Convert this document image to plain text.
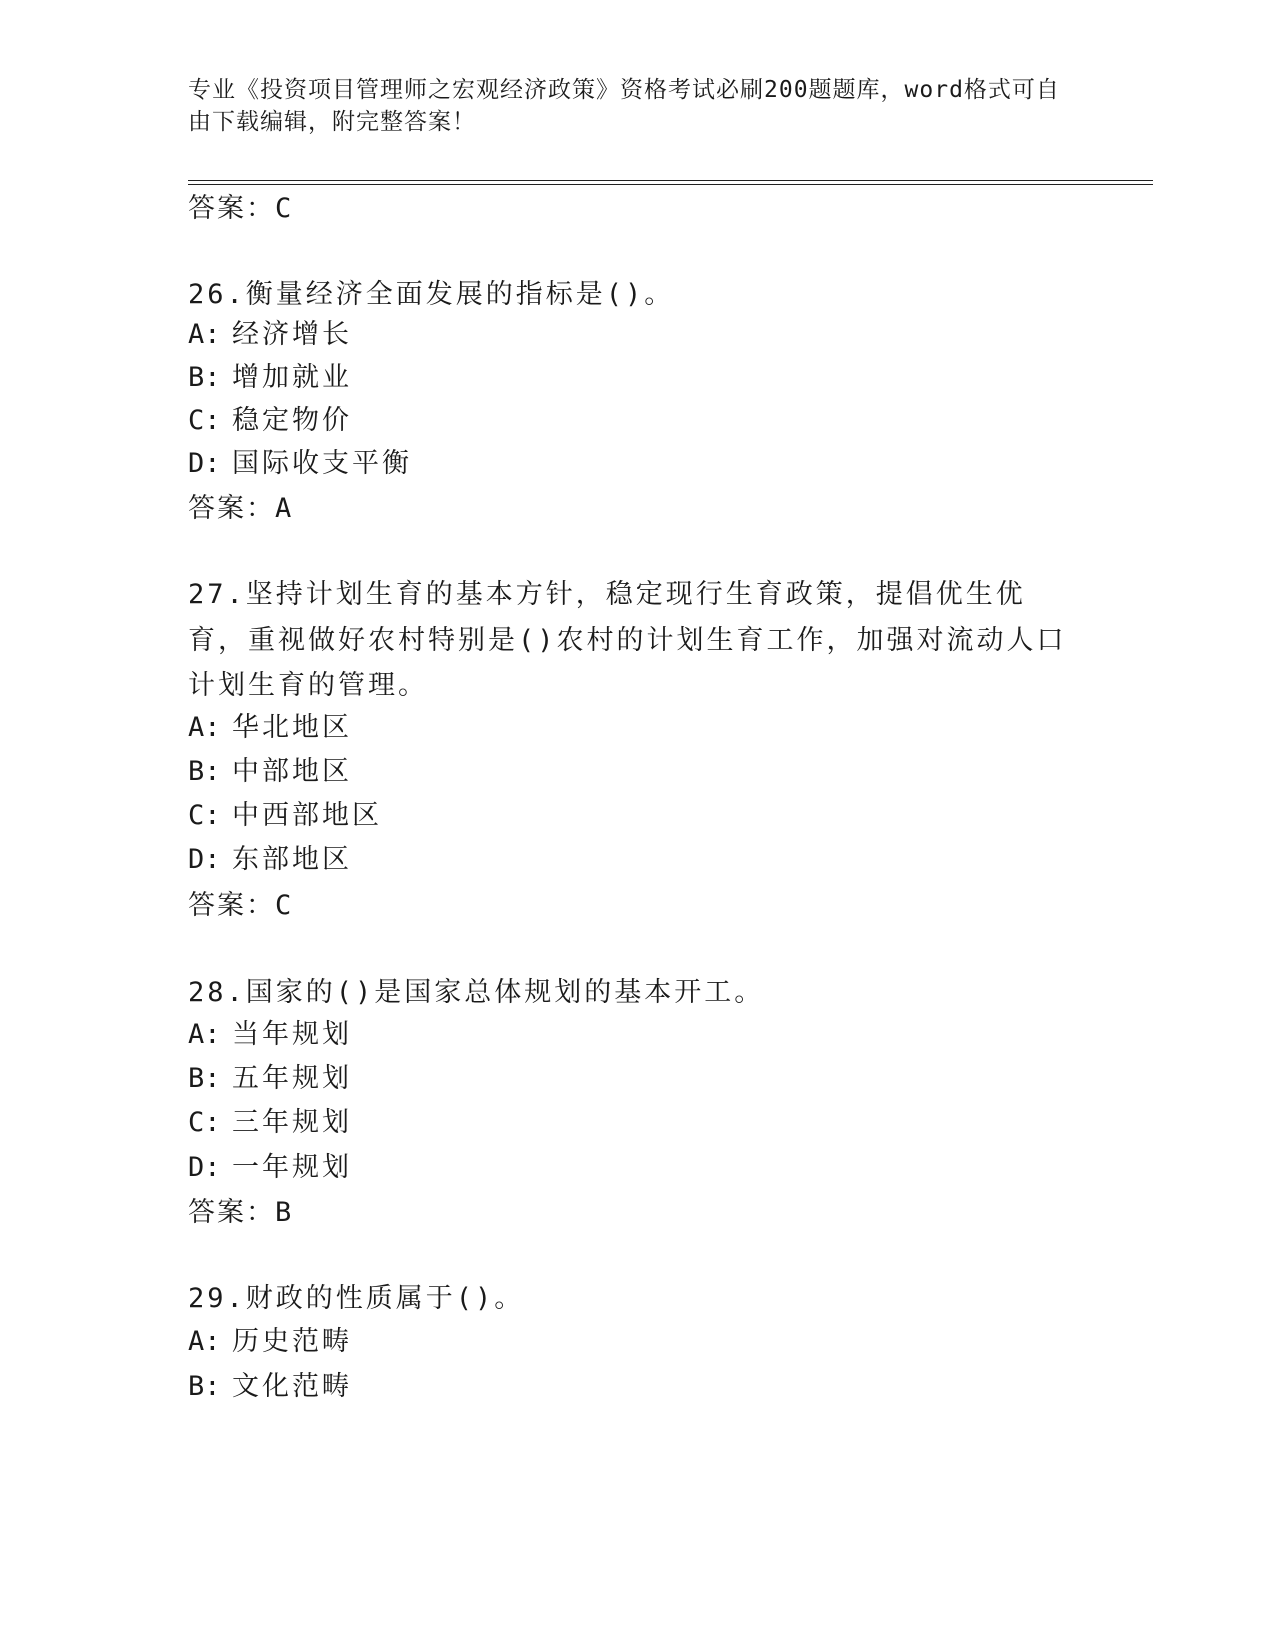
专业《投资项目管理师之宏观经济政策》资格考试必刷200题题库，word格式可自由下载编辑，附完整答案！
答案：C
26.衡量经济全面发展的指标是()。
A: 经济增长
B: 增加就业
C: 稳定物价
D: 国际收支平衡
答案：A
27.坚持计划生育的基本方针，稳定现行生育政策，提倡优生优育，重视做好农村特别是()农村的计划生育工作，加强对流动人口计划生育的管理。
A: 华北地区
B: 中部地区
C: 中西部地区
D: 东部地区
答案：C
28.国家的()是国家总体规划的基本开工。
A: 当年规划
B: 五年规划
C: 三年规划
D: 一年规划
答案：B
29.财政的性质属于()。
A: 历史范畴
B: 文化范畴
